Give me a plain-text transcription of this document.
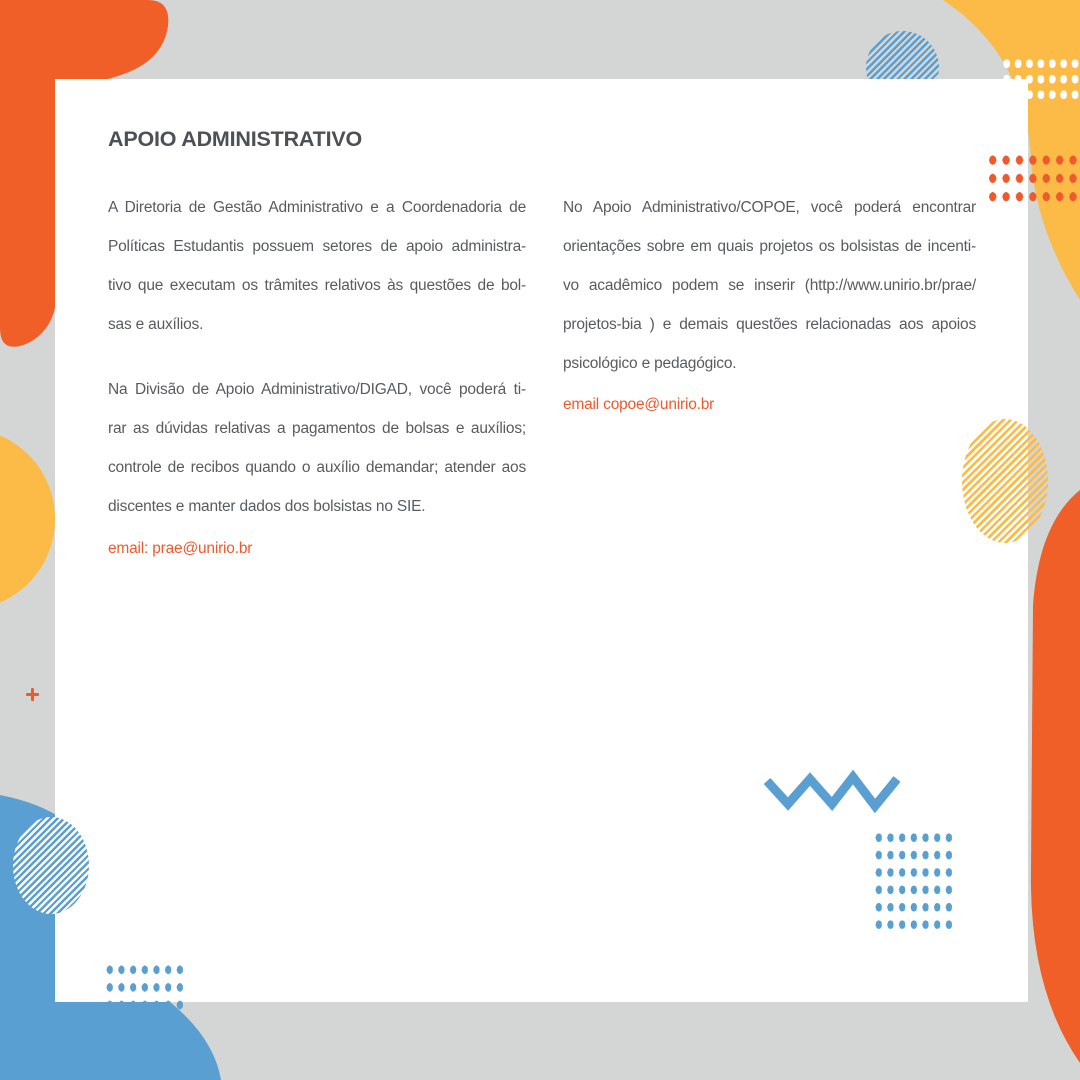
APOIO ADMINISTRATIVO
A Diretoria de Gestão Administrativo e a Coordenadoria de
Políticas Estudantis possuem setores de apoio administra-
tivo que executam os trâmites relativos às questões de bol-
sas e auxílios.
Na Divisão de Apoio Administrativo/DIGAD, você poderá ti-
rar as dúvidas relativas a pagamentos de bolsas e auxílios;
controle de recibos quando o auxílio demandar; atender aos
discentes e manter dados dos bolsistas no SIE.
email: prae@unirio.br
No Apoio Administrativo/COPOE, você poderá encontrar
orientações sobre em quais projetos os bolsistas de incenti-
vo acadêmico podem se inserir (http://www.unirio.br/prae/
projetos-bia ) e demais questões relacionadas aos apoios
psicológico e pedagógico.
email copoe@unirio.br
